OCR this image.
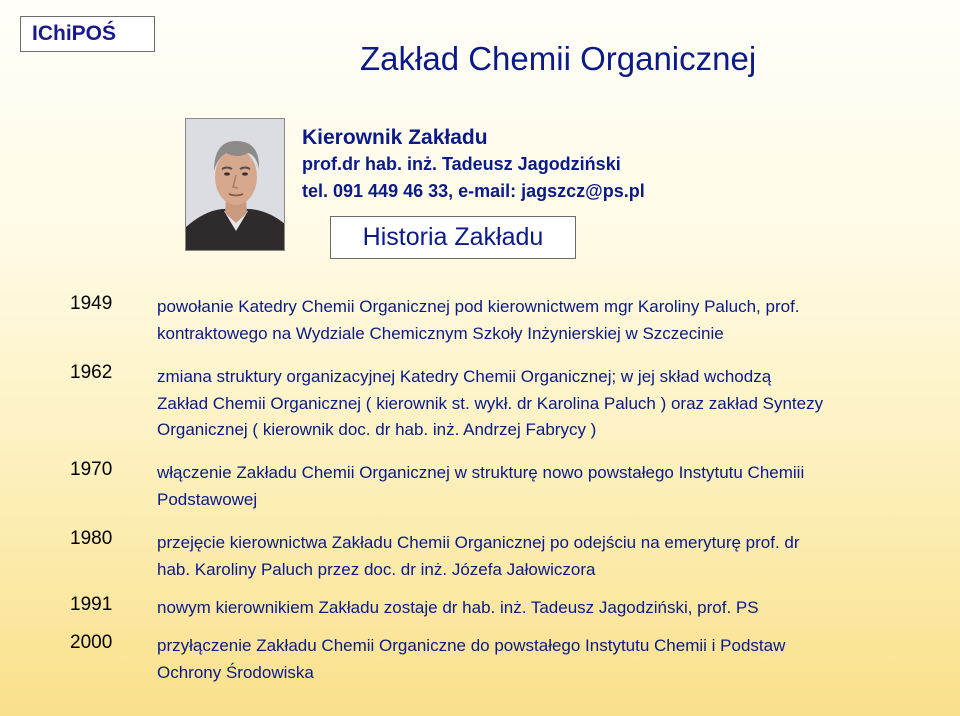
IChiPOŚ
Zakład Chemii Organicznej
Kierownik Zakładu
prof.dr hab. inż. Tadeusz Jagodziński
tel. 091 449 46 33, e-mail: jagszcz@ps.pl
Historia Zakładu
1949	powołanie Katedry Chemii Organicznej pod kierownictwem mgr Karoliny Paluch, prof.
kontraktowego na Wydziale Chemicznym Szkoły Inżynierskiej w Szczecinie
1962	zmiana struktury organizacyjnej Katedry Chemii Organicznej; w jej skład wchodzą
Zakład Chemii Organicznej ( kierownik st. wykł. dr Karolina Paluch ) oraz zakład Syntezy
Organicznej ( kierownik doc. dr hab. inż. Andrzej Fabrycy )
1970	włączenie Zakładu Chemii Organicznej w strukturę nowo powstałego Instytutu Chemiii
Podstawowej
1980	przejęcie kierownictwa Zakładu Chemii Organicznej po odejściu na emeryturę prof. dr
hab. Karoliny Paluch przez doc. dr inż. Józefa Jałowiczora
1991	nowym kierownikiem Zakładu zostaje dr hab. inż. Tadeusz Jagodziński, prof. PS
2000	przyłączenie Zakładu Chemii Organiczne do powstałego Instytutu Chemii i Podstaw
Ochrony Środowiska
